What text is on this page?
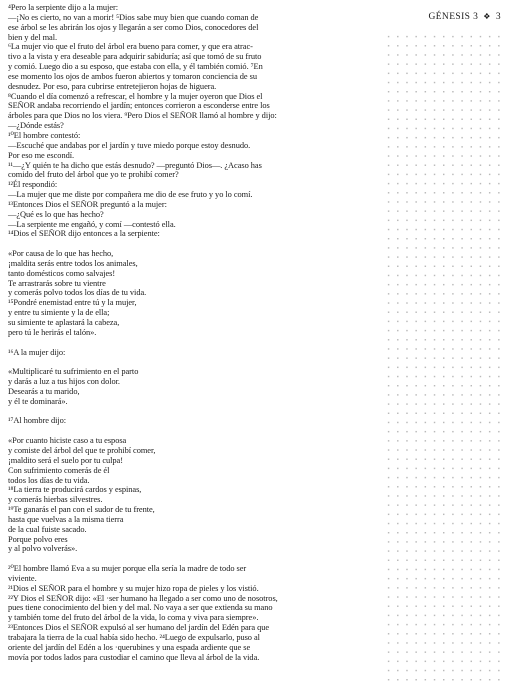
GÉNESIS 3 ❖ 3
⁴Pero la serpiente dijo a la mujer:
—¡No es cierto, no van a morir! ⁵Dios sabe muy bien que cuando coman de
ese árbol se les abrirán los ojos y llegarán a ser como Dios, conocedores del
bien y del mal.
⁶La mujer vio que el fruto del árbol era bueno para comer, y que era atrac-
tivo a la vista y era deseable para adquirir sabiduría; así que tomó de su fruto
y comió. Luego dio a su esposo, que estaba con ella, y él también comió. ⁷En
ese momento los ojos de ambos fueron abiertos y tomaron conciencia de su
desnudez. Por eso, para cubrirse entretejieron hojas de higuera.
⁸Cuando el día comenzó a refrescar, el hombre y la mujer oyeron que Dios el
SEÑOR andaba recorriendo el jardín; entonces corrieron a esconderse entre los
árboles para que Dios no los viera. ⁹Pero Dios el SEÑOR llamó al hombre y dijo:
—¿Dónde estás?
¹⁰El hombre contestó:
—Escuché que andabas por el jardín y tuve miedo porque estoy desnudo.
Por eso me escondí.
¹¹—¿Y quién te ha dicho que estás desnudo? —preguntó Dios—. ¿Acaso has
comido del fruto del árbol que yo te prohibí comer?
¹²Él respondió:
—La mujer que me diste por compañera me dio de ese fruto y yo lo comí.
¹³Entonces Dios el SEÑOR preguntó a la mujer:
—¿Qué es lo que has hecho?
—La serpiente me engañó, y comí —contestó ella.
¹⁴Dios el SEÑOR dijo entonces a la serpiente:
«Por causa de lo que has hecho,
¡maldita serás entre todos los animales,
tanto domésticos como salvajes!
Te arrastrarás sobre tu vientre
y comerás polvo todos los días de tu vida.
¹⁵Pondré enemistad entre tú y la mujer,
y entre tu simiente y la de ella;
su simiente te aplastará la cabeza,
pero tú le herirás el talón».
¹⁶A la mujer dijo:
«Multiplicaré tu sufrimiento en el parto
y darás a luz a tus hijos con dolor.
Desearás a tu marido,
y él te dominará».
¹⁷Al hombre dijo:
«Por cuanto hiciste caso a tu esposa
y comiste del árbol del que te prohibí comer,
¡maldito será el suelo por tu culpa!
Con sufrimiento comerás de él
todos los días de tu vida.
¹⁸La tierra te producirá cardos y espinas,
y comerás hierbas silvestres.
¹⁹Te ganarás el pan con el sudor de tu frente,
hasta que vuelvas a la misma tierra
de la cual fuiste sacado.
Porque polvo eres
y al polvo volverás».
²⁰El hombre llamó Eva a su mujer porque ella sería la madre de todo ser
viviente.
²¹Dios el SEÑOR para el hombre y su mujer hizo ropa de pieles y los vistió.
²²Y Dios el SEÑOR dijo: «El ·ser humano ha llegado a ser como uno de nosotros,
pues tiene conocimiento del bien y del mal. No vaya a ser que extienda su mano
y también tome del fruto del árbol de la vida, lo coma y viva para siempre».
²³Entonces Dios el SEÑOR expulsó al ser humano del jardín del Edén para que
trabajara la tierra de la cual había sido hecho. ²⁴Luego de expulsarlo, puso al
oriente del jardín del Edén a los ·querubines y una espada ardiente que se
movía por todos lados para custodiar el camino que lleva al árbol de la vida.
